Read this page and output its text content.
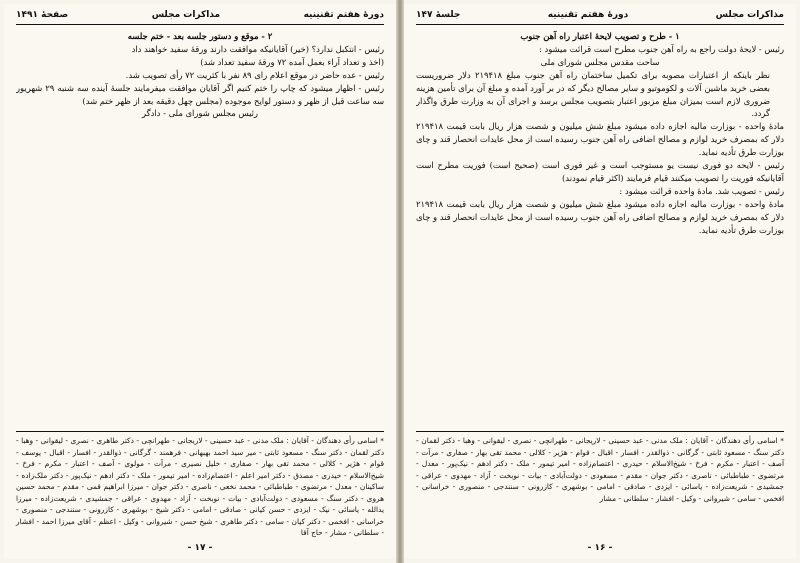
دورهٔ هفتم تقنينیه
مذاکرات مجلس
صفحهٔ ۱۴۹۱

۲ - موقع و دستور جلسه بعد - ختم جلسه

رئیس - انتکبل ندارد؟ (خیر) آقایانیکه موافقت دارند ورقهٔ سفید خواهند داد

(اخذ و تعداد آراء بعمل آمده ۷۲ ورقهٔ سفید تعداد شد)

رئیس - عده حاضر در موقع اعلام رای ۸۹ نفر با کثریت ۷۲ رأی تصویب شد.

رئیس - اظهار میشود که چاپ را ختم کنیم اگر آقایان موافقت میفرمایند جلسهٔ آینده سه شنبه ۲۹ شهریور سه ساعت قبل از ظهر و دستور لوایح موجوده (مجلس چهل دقیقه بعد از ظهر ختم شد)

رئیس مجلس شورای ملی - دادگر

* اسامی رأی دهندگان - آقایان : ملک مدنی - عبد حسینی - لاریجانی - طهرانچی - دکتر طاهری - نصری - لیقوانی - وهبا - دکتر لقمان - دکتر سنگ - مسعود ثابتی - میر سید احمد بهبهانی - فرهمند - گرگانی - ذوالقدر - افسار - اقبال - یوسف - قوام - هژیر - کلالی - محمد تقی بهار - صفاری - خلیل نصیری - مرآت - مولوی - آصف - اعتبار - مکرم - فرخ - شیخ‌الاسلام - حیدری - مصدق - دکتر امیر اعلم - اعتصام‌زاده - امیر تیمور - ملک - دکتر ادهم - نیک‌پور - دکتر ملک‌زاده - ساکینان - معدل - مرتضوی - طباطبائی - محمد نخعی - ناصری - دکتر جوان - میرزا ابراهیم قمی - مقدم - محمد حسین هروی - دکتر سنگ - مسعودی - دولت‌آبادی - بیات - نوبخت - آزاد - مهدوی - عراقی - جمشیدی - شریعت‌زاده - میرزا یدالله - یاسائی - نیک - ایزدی - حسن کیانی - صادقی - امامی - دکتر شیخ - بوشهری - کازرونی - سنندجی - منصوری - خراسانی - افخمی - دکتر کیان - سامی - دکتر طاهری - شیخ حسن - شیروانی - وکیل - اعظم - آقای میرزا احمد - افشار - سلطانی - مشار - حاج آقا
- ۱۷ -
مذاکرات مجلس
دورهٔ هفتم تقنينیه
جلسهٔ ۱۴۷

۱ - طرح و تصویب لایحهٔ اعتبار راه آهن جنوب

رئیس - لایحهٔ دولت راجع به راه آهن جنوب مطرح است قرائت میشود :

ساحت مقدس مجلس شورای ملی

نظر باینکه از اعتبارات مصوبه برای تکمیل ساختمان راه آهن جنوب مبلغ ۲۱۹۴۱۸ دلار ضروریست بعضی خرید ماشین آلات و لکوموتیو و سایر مصالح دیگر که در بر آورد آمده و مبلغ آن برای تأمین هزینه ضروری لازم است بمیزان مبلغ مزبور اعتبار بتصویب مجلس برسد و اجرای آن به وزارت طرق واگذار گردد.

مادهٔ واحده - بوزارت مالیه اجازه داده میشود مبلغ شش میلیون و شصت هزار ریال بابت قیمت ۲۱۹۴۱۸ دلار که بمصرف خرید لوازم و مصالح اضافی راه آهن جنوب رسیده است از محل عایدات انحصار قند و چای بوزارت طرق تأدیه نماید.

رئیس - لایحه دو فوری نیست یو مستوجب است و غیر فوری است (صحیح است) فوریت مطرح است آقایانیکه فوریت را تصویب میکنند قیام فرمایند (اکثر قیام نمودند)

رئیس - تصویب شد. مادهٔ واحده قرائت میشود :

مادهٔ واحده - بوزارت مالیه اجازه داده میشود مبلغ شش میلیون و شصت هزار ریال بابت قیمت ۲۱۹۴۱۸ دلار که بمصرف خرید لوازم و مصالح اضافی راه آهن جنوب رسیده است از محل عایدات انحصار قند و چای بوزارت طرق تأدیه نماید.

* اسامی رأی دهندگان - آقایان : ملک مدنی - عبد حسینی - لاریجانی - طهرانچی - نصری - لیقوانی - وهبا - دکتر لقمان - دکتر سنگ - مسعود ثابتی - گرگانی - ذوالقدر - افسار - اقبال - قوام - هژیر - کلالی - محمد تقی بهار - صفاری - مرآت - آصف - اعتبار - مکرم - فرخ - شیخ‌الاسلام - حیدری - اعتصام‌زاده - امیر تیمور - ملک - دکتر ادهم - نیک‌پور - معدل - مرتضوی - طباطبائی - ناصری - دکتر جوان - مقدم - مسعودی - دولت‌آبادی - بیات - نوبخت - آزاد - مهدوی - عراقی - جمشیدی - شریعت‌زاده - یاسائی - ایزدی - صادقی - امامی - بوشهری - کازرونی - سنندجی - منصوری - خراسانی - افخمی - سامی - شیروانی - وکیل - افشار - سلطانی - مشار
- ۱۶ -
